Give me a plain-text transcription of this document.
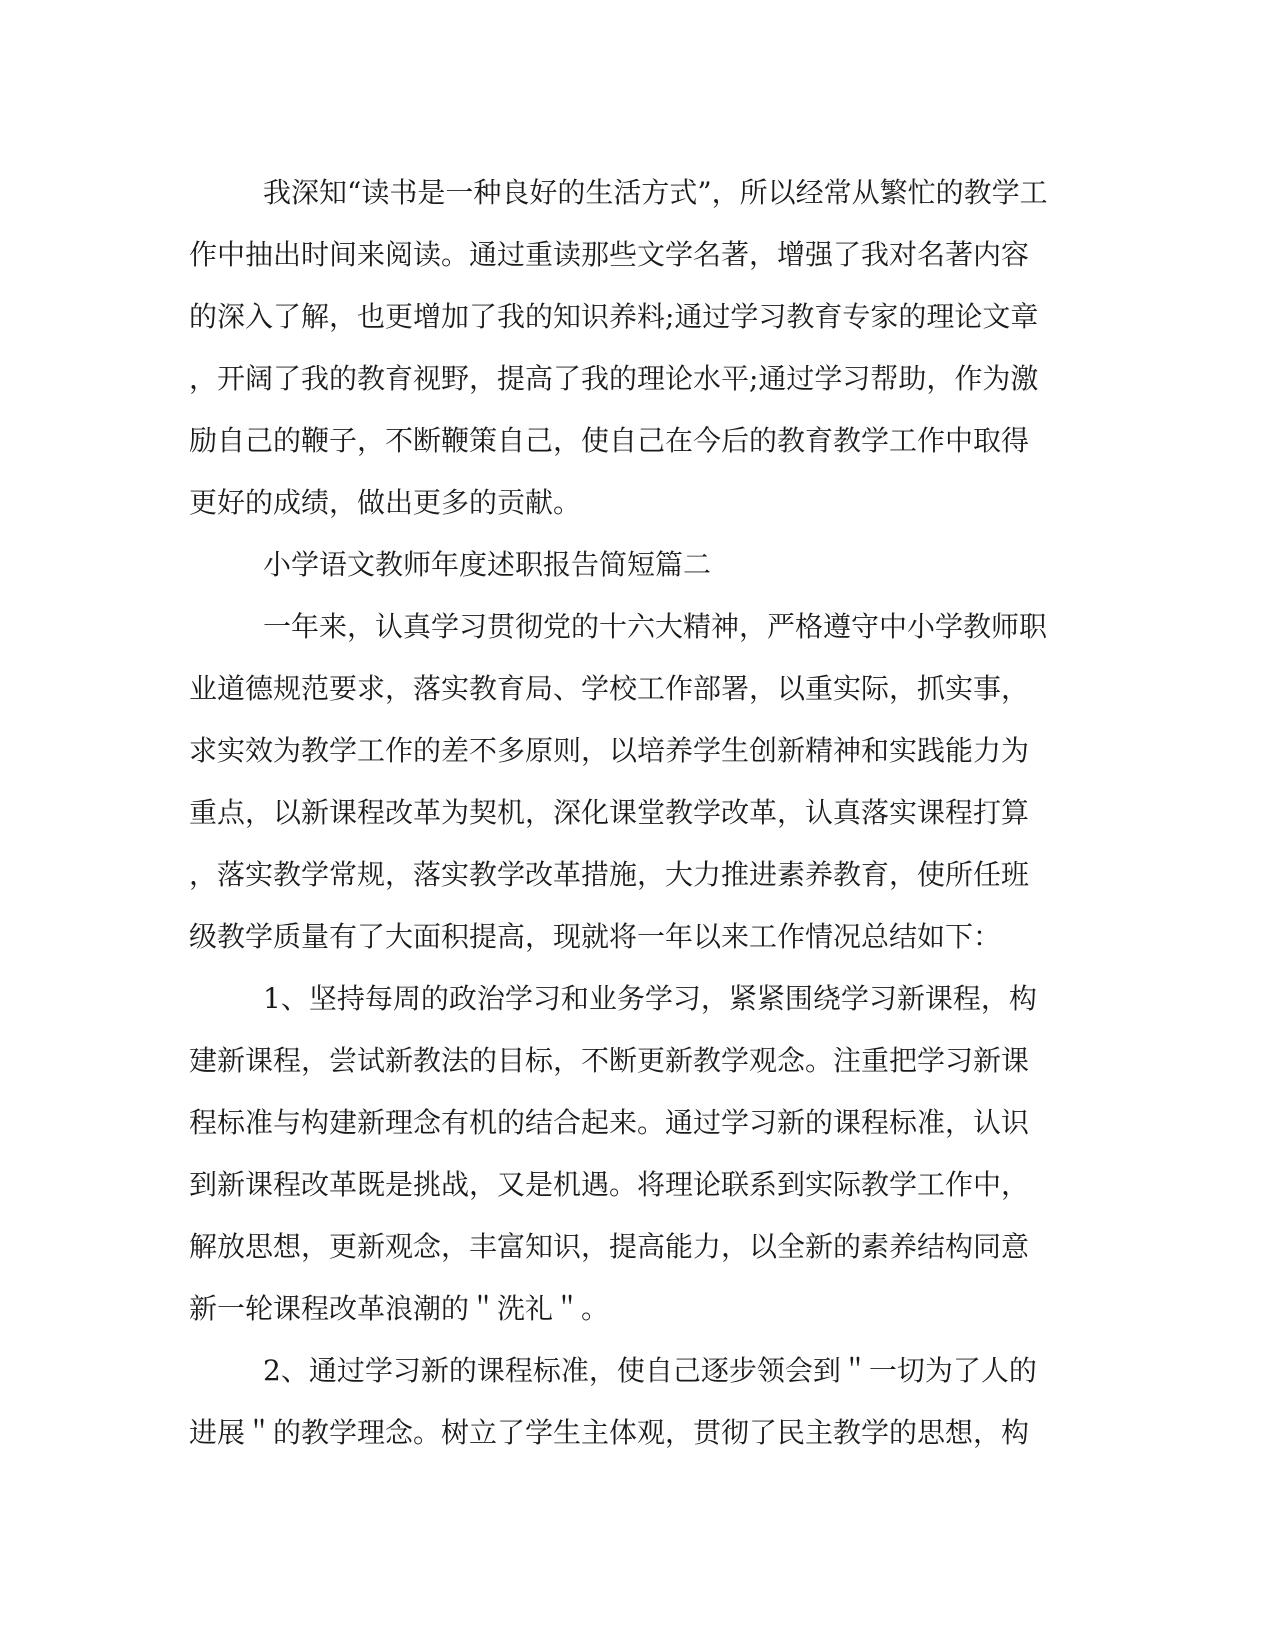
我深知“读书是一种良好的生活方式”，所以经常从繁忙的教学工
作中抽出时间来阅读。通过重读那些文学名著，增强了我对名著内容
的深入了解，也更增加了我的知识养料;通过学习教育专家的理论文章
，开阔了我的教育视野，提高了我的理论水平;通过学习帮助，作为激
励自己的鞭子，不断鞭策自己，使自己在今后的教育教学工作中取得
更好的成绩，做出更多的贡献。
小学语文教师年度述职报告简短篇二
一年来，认真学习贯彻党的十六大精神，严格遵守中小学教师职
业道德规范要求，落实教育局、学校工作部署，以重实际，抓实事，
求实效为教学工作的差不多原则，以培养学生创新精神和实践能力为
重点，以新课程改革为契机，深化课堂教学改革，认真落实课程打算
，落实教学常规，落实教学改革措施，大力推进素养教育，使所任班
级教学质量有了大面积提高，现就将一年以来工作情况总结如下：
1、坚持每周的政治学习和业务学习，紧紧围绕学习新课程，构
建新课程，尝试新教法的目标，不断更新教学观念。注重把学习新课
程标准与构建新理念有机的结合起来。通过学习新的课程标准，认识
到新课程改革既是挑战，又是机遇。将理论联系到实际教学工作中，
解放思想，更新观念，丰富知识，提高能力，以全新的素养结构同意
新一轮课程改革浪潮的＂洗礼＂。
2、通过学习新的课程标准，使自己逐步领会到＂一切为了人的
进展＂的教学理念。树立了学生主体观，贯彻了民主教学的思想，构
